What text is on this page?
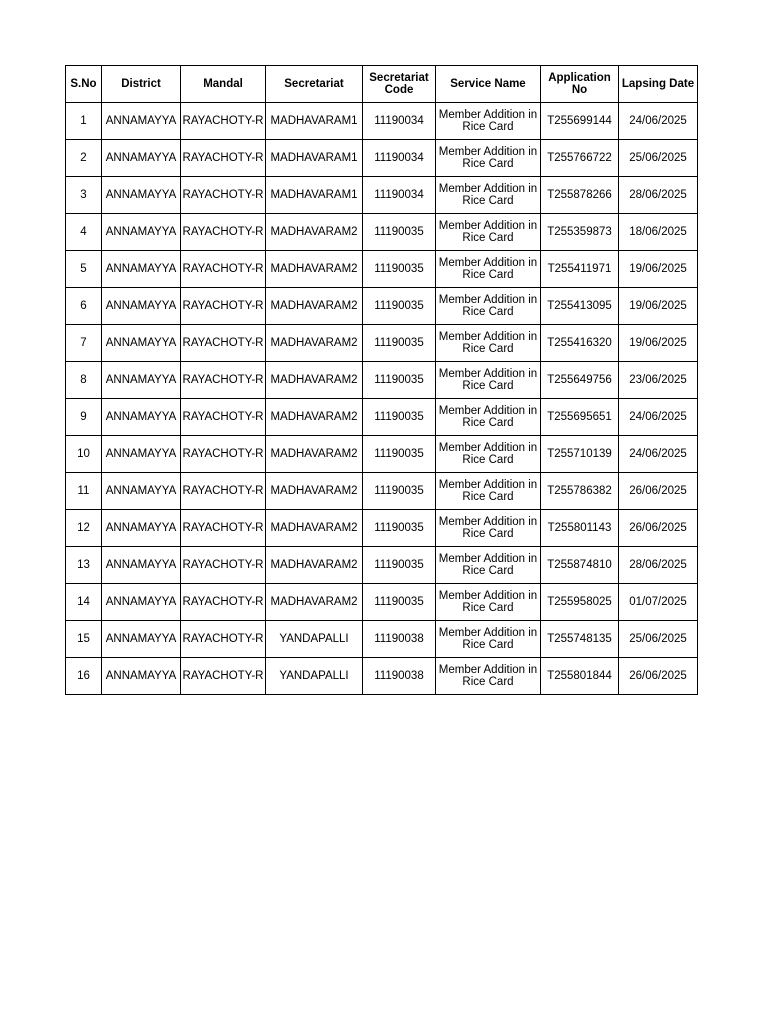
S.No	District	Mandal	Secretariat	Secretariat Code	Service Name	Application No	Lapsing Date
1	ANNAMAYYA	RAYACHOTY-R	MADHAVARAM1	11190034	Member Addition in Rice Card	T255699144	24/06/2025
2	ANNAMAYYA	RAYACHOTY-R	MADHAVARAM1	11190034	Member Addition in Rice Card	T255766722	25/06/2025
3	ANNAMAYYA	RAYACHOTY-R	MADHAVARAM1	11190034	Member Addition in Rice Card	T255878266	28/06/2025
4	ANNAMAYYA	RAYACHOTY-R	MADHAVARAM2	11190035	Member Addition in Rice Card	T255359873	18/06/2025
5	ANNAMAYYA	RAYACHOTY-R	MADHAVARAM2	11190035	Member Addition in Rice Card	T255411971	19/06/2025
6	ANNAMAYYA	RAYACHOTY-R	MADHAVARAM2	11190035	Member Addition in Rice Card	T255413095	19/06/2025
7	ANNAMAYYA	RAYACHOTY-R	MADHAVARAM2	11190035	Member Addition in Rice Card	T255416320	19/06/2025
8	ANNAMAYYA	RAYACHOTY-R	MADHAVARAM2	11190035	Member Addition in Rice Card	T255649756	23/06/2025
9	ANNAMAYYA	RAYACHOTY-R	MADHAVARAM2	11190035	Member Addition in Rice Card	T255695651	24/06/2025
10	ANNAMAYYA	RAYACHOTY-R	MADHAVARAM2	11190035	Member Addition in Rice Card	T255710139	24/06/2025
11	ANNAMAYYA	RAYACHOTY-R	MADHAVARAM2	11190035	Member Addition in Rice Card	T255786382	26/06/2025
12	ANNAMAYYA	RAYACHOTY-R	MADHAVARAM2	11190035	Member Addition in Rice Card	T255801143	26/06/2025
13	ANNAMAYYA	RAYACHOTY-R	MADHAVARAM2	11190035	Member Addition in Rice Card	T255874810	28/06/2025
14	ANNAMAYYA	RAYACHOTY-R	MADHAVARAM2	11190035	Member Addition in Rice Card	T255958025	01/07/2025
15	ANNAMAYYA	RAYACHOTY-R	YANDAPALLI	11190038	Member Addition in Rice Card	T255748135	25/06/2025
16	ANNAMAYYA	RAYACHOTY-R	YANDAPALLI	11190038	Member Addition in Rice Card	T255801844	26/06/2025
